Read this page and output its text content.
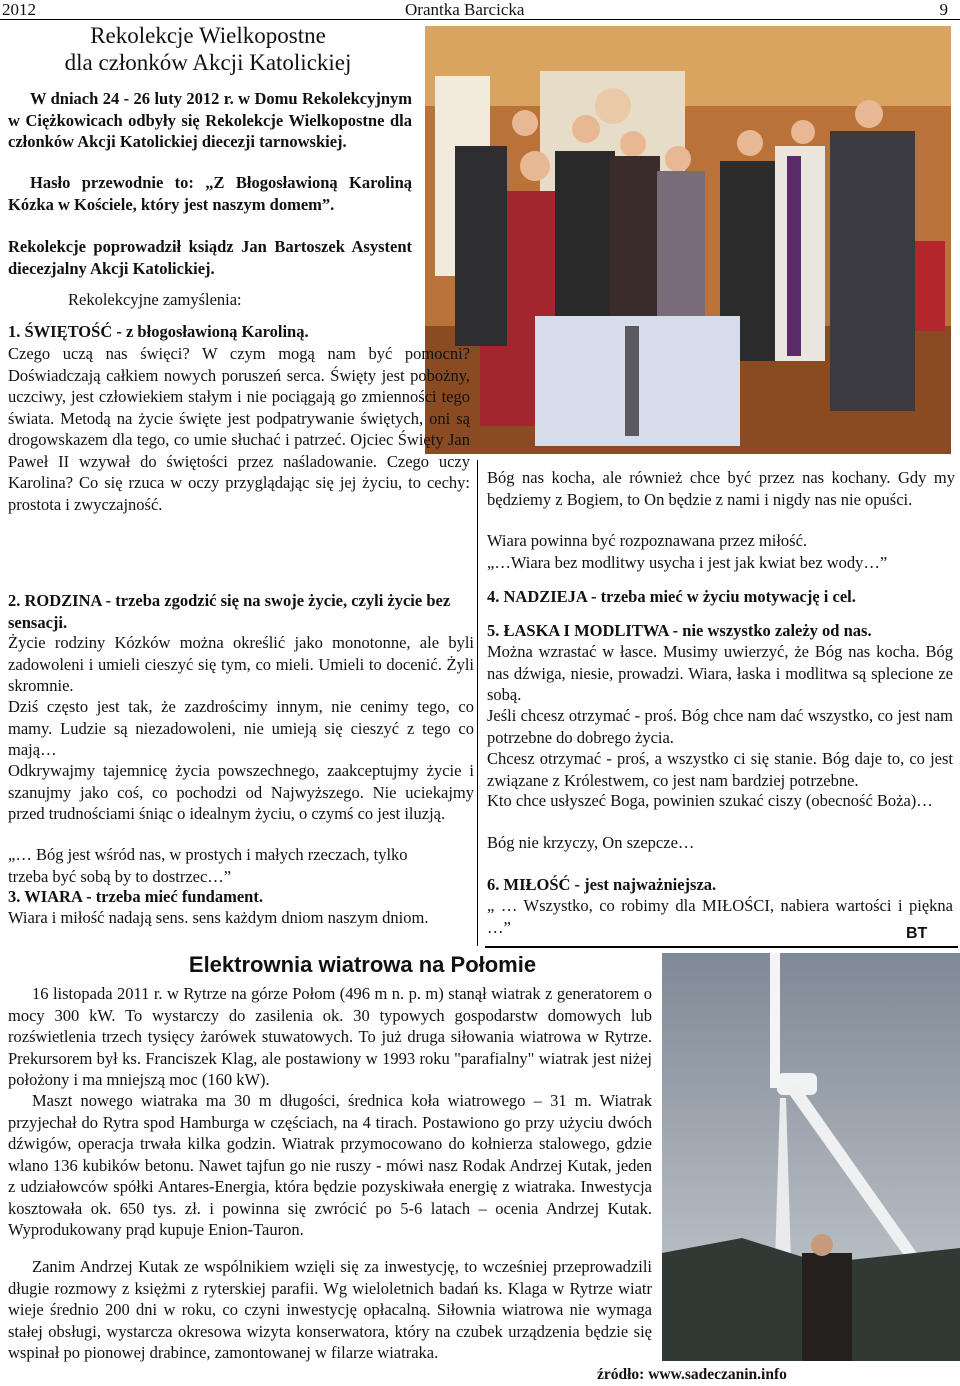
2012	Orantka Barcicka	9
Rekolekcje Wielkopostne
dla członków Akcji Katolickiej

W dniach 24 - 26 luty 2012 r. w Domu Rekolekcyjnym w Ciężkowicach odbyły się Rekolekcje Wielkopostne dla członków Akcji Katolickiej diecezji tarnowskiej.

Hasło przewodnie to: „Z Błogosławioną Karoliną Kózka w Kościele, który jest naszym domem”.

Rekolekcje poprowadził ksiądz Jan Bartoszek Asystent diecezjalny Akcji Katolickiej.

Rekolekcyjne zamyślenia:

1. ŚWIĘTOŚĆ - z błogosławioną Karoliną.

Czego uczą nas święci? W czym mogą nam być pomocni? Doświadczają całkiem nowych poruszeń serca. Święty jest pobożny, uczciwy, jest człowiekiem stałym i nie pociągają go zmienności tego świata. Metodą na życie święte jest podpatrywanie świętych, oni są drogowskazem dla tego, co umie słuchać i patrzeć. Ojciec Święty Jan Paweł II wzywał do świętości przez naśladowanie. Czego uczy Karolina? Co się rzuca w oczy przyglądając się jej życiu, to cechy: prostota i zwyczajność.

2. RODZINA - trzeba zgodzić się na swoje życie, czyli życie bez sensacji.

Życie rodziny Kózków można określić jako monotonne, ale byli zadowoleni i umieli cieszyć się tym, co mieli. Umieli to docenić. Żyli skromnie.

Dziś często jest tak, że zazdrościmy innym, nie cenimy tego, co mamy. Ludzie są niezadowoleni, nie umieją się cieszyć z tego co mają…

Odkrywajmy tajemnicę życia powszechnego, zaakceptujmy życie i szanujmy jako coś, co pochodzi od Najwyższego. Nie uciekajmy przed trudnościami śniąc o idealnym życiu, o czymś co jest iluzją.

„… Bóg jest wśród nas, w prostych i małych rzeczach, tylko trzeba być sobą by to dostrzec…”

3. WIARA - trzeba mieć fundament.

Wiara i miłość nadają sens. sens każdym dniom naszym dniom.

Bóg nas kocha, ale również chce być przez nas kochany. Gdy my będziemy z Bogiem, to On będzie z nami i nigdy nas nie opuści.

Wiara powinna być rozpoznawana przez miłość.

„…Wiara bez modlitwy usycha i jest jak kwiat bez wody…”

4. NADZIEJA - trzeba mieć w życiu motywację i cel.

5. ŁASKA I MODLITWA - nie wszystko zależy od nas.

Można wzrastać w łasce. Musimy uwierzyć, że Bóg nas kocha. Bóg nas dźwiga, niesie, prowadzi. Wiara, łaska i modlitwa są splecione ze sobą.

Jeśli chcesz otrzymać - proś. Bóg chce nam dać wszystko, co jest nam potrzebne do dobrego życia.

Chcesz otrzymać - proś, a wszystko ci się stanie. Bóg daje to, co jest związane z Królestwem, co jest nam bardziej potrzebne.

Kto chce usłyszeć Boga, powinien szukać ciszy (obecność Boża)…

Bóg nie krzyczy, On szepcze…

6. MIŁOŚĆ - jest najważniejsza.

„ … Wszystko, co robimy dla MIŁOŚCI, nabiera wartości i piękna …”	BT
Elektrownia wiatrowa na Połomie

16 listopada 2011 r. w Rytrze na górze Połom (496 m n. p. m) stanął wiatrak z generatorem o mocy 300 kW. To wystarczy do zasilenia ok. 30 typowych gospodarstw domowych lub rozświetlenia trzech tysięcy żarówek stuwatowych. To już druga siłowania wiatrowa w Rytrze. Prekursorem był ks. Franciszek Klag, ale postawiony w 1993 roku "parafialny" wiatrak jest niżej położony i ma mniejszą moc (160 kW).

Maszt nowego wiatraka ma 30 m długości, średnica koła wiatrowego – 31 m. Wiatrak przyjechał do Rytra spod Hamburga w częściach, na 4 tirach. Postawiono go przy użyciu dwóch dźwigów, operacja trwała kilka godzin. Wiatrak przymocowano do kołnierza stalowego, gdzie wlano 136 kubików betonu. Nawet tajfun go nie ruszy - mówi nasz Rodak Andrzej Kutak, jeden z udziałowców spółki Antares-Energia, która będzie pozyskiwała energię z wiatraka. Inwestycja kosztowała ok. 650 tys. zł. i powinna się zwrócić po 5-6 latach – ocenia Andrzej Kutak. Wyprodukowany prąd kupuje Enion-Tauron.

Zanim Andrzej Kutak ze wspólnikiem wzięli się za inwestycję, to wcześniej przeprowadzili długie rozmowy z księżmi z ryterskiej parafii. Wg wieloletnich badań ks. Klaga w Rytrze wiatr wieje średnio 200 dni w roku, co czyni inwestycję opłacalną. Siłownia wiatrowa nie wymaga stałej obsługi, wystarcza okresowa wizyta konserwatora, który na czubek urządzenia będzie się wspinał po pionowej drabince, zamontowanej w filarze wiatraka.

źródło: www.sadeczanin.info
